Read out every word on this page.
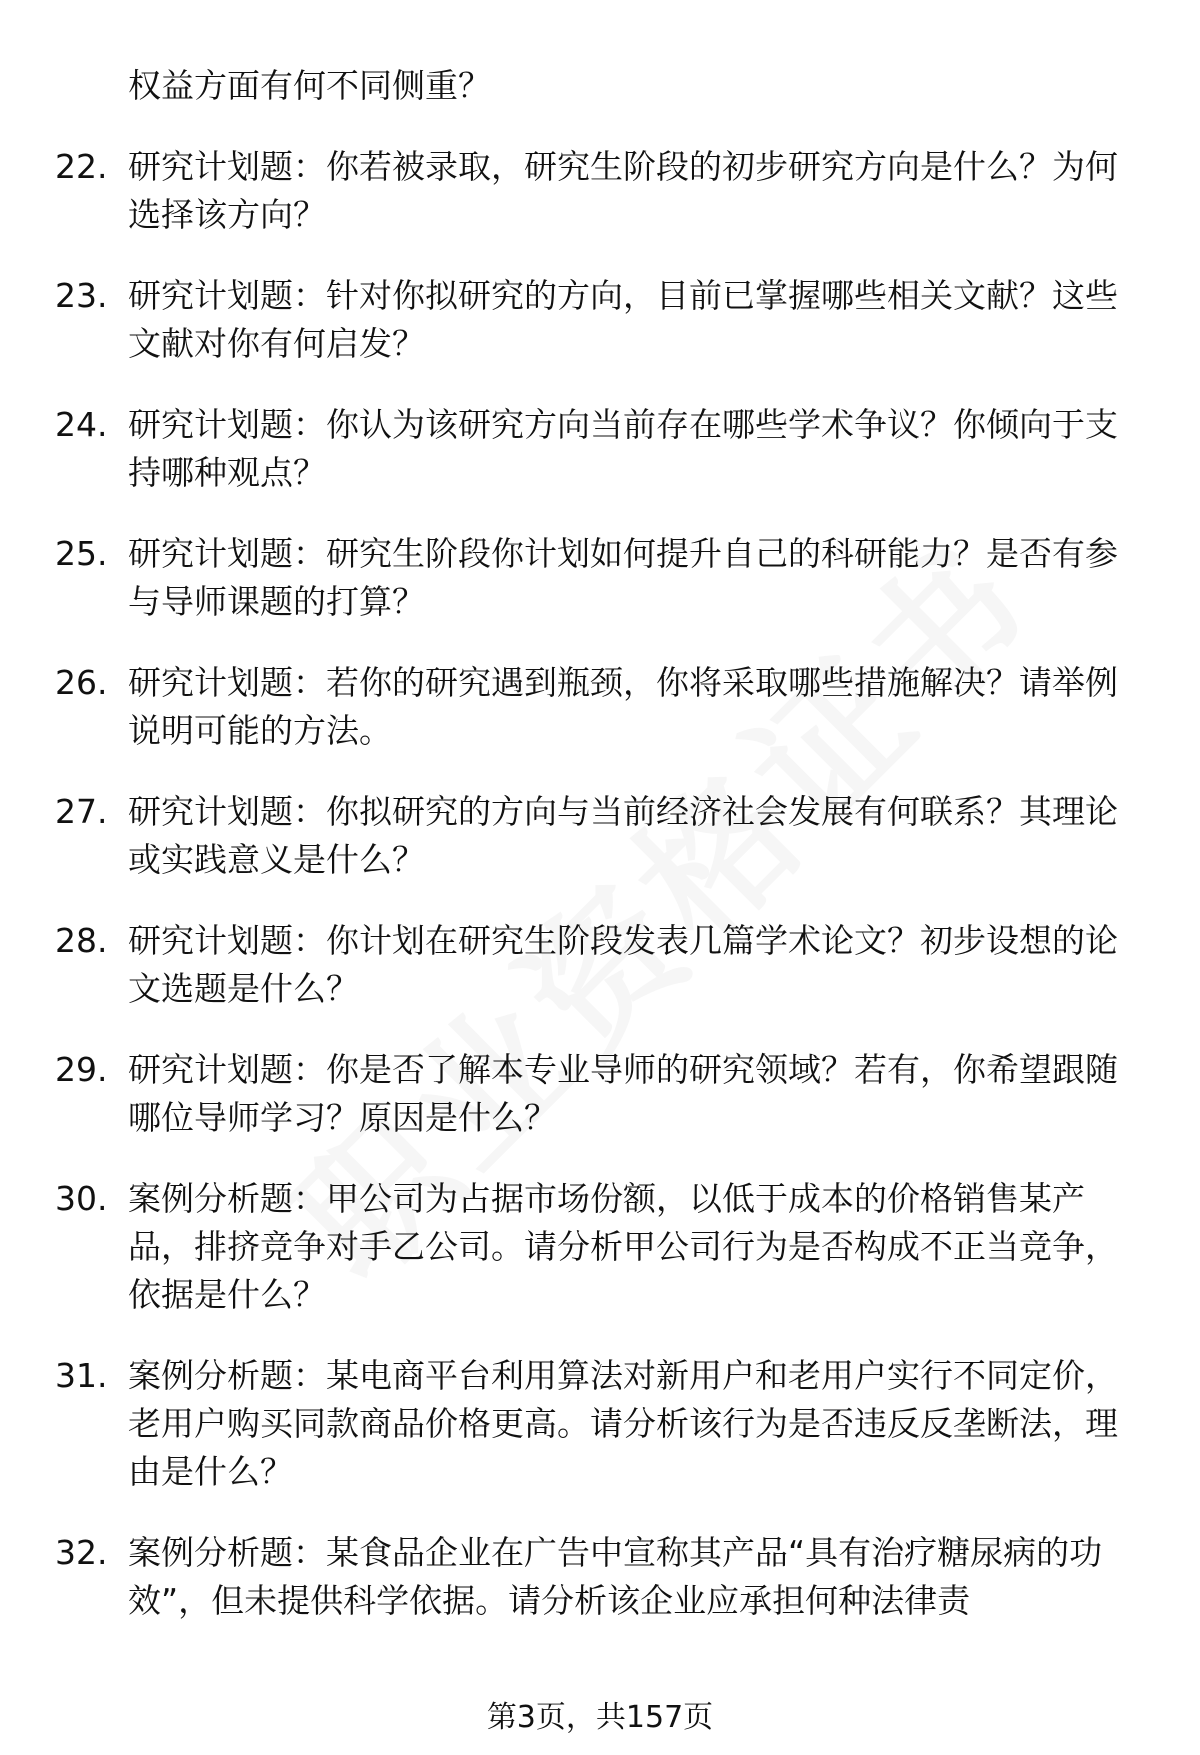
权益方面有何不同侧重？
22. 研究计划题：你若被录取，研究生阶段的初步研究方向是什么？为何选择该方向？
23. 研究计划题：针对你拟研究的方向，目前已掌握哪些相关文献？这些文献对你有何启发？
24. 研究计划题：你认为该研究方向当前存在哪些学术争议？你倾向于支持哪种观点？
25. 研究计划题：研究生阶段你计划如何提升自己的科研能力？是否有参与导师课题的打算？
26. 研究计划题：若你的研究遇到瓶颈，你将采取哪些措施解决？请举例说明可能的方法。
27. 研究计划题：你拟研究的方向与当前经济社会发展有何联系？其理论或实践意义是什么？
28. 研究计划题：你计划在研究生阶段发表几篇学术论文？初步设想的论文选题是什么？
29. 研究计划题：你是否了解本专业导师的研究领域？若有，你希望跟随哪位导师学习？原因是什么？
30. 案例分析题：甲公司为占据市场份额，以低于成本的价格销售某产品，排挤竞争对手乙公司。请分析甲公司行为是否构成不正当竞争，依据是什么？
31. 案例分析题：某电商平台利用算法对新用户和老用户实行不同定价，老用户购买同款商品价格更高。请分析该行为是否违反反垄断法，理由是什么？
32. 案例分析题：某食品企业在广告中宣称其产品“具有治疗糖尿病的功效”，但未提供科学依据。请分析该企业应承担何种法律责
第3页，共157页
